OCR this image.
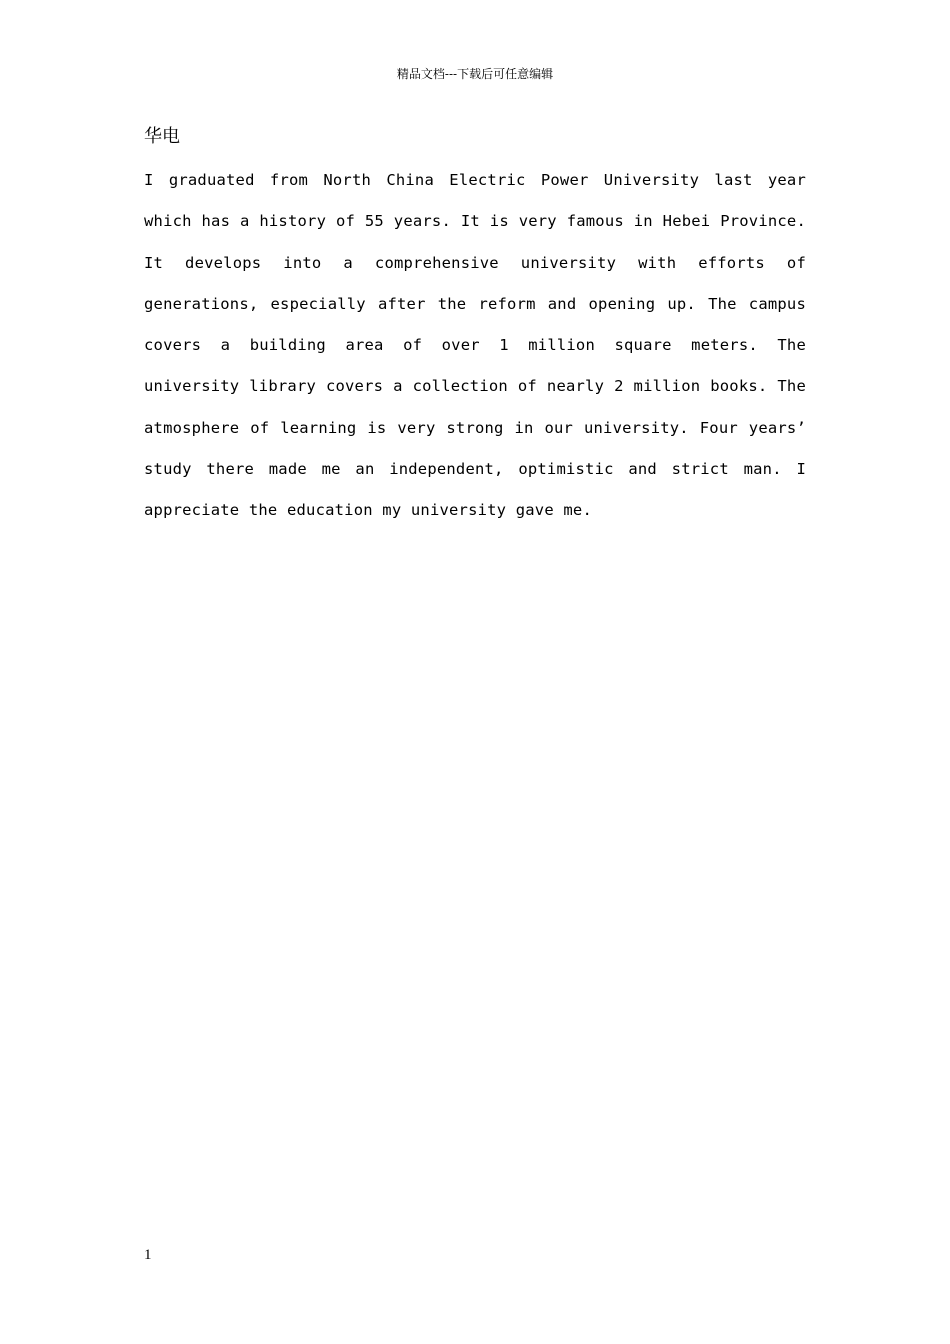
精品文档---下载后可任意编辑
华电

I graduated from North China Electric Power University last year which has a history of 55 years. It is very famous in Hebei Province. It develops into a comprehensive university with efforts of generations, especially after the reform and opening up. The campus covers a building area of over 1 million square meters. The university library covers a collection of nearly 2 million books. The atmosphere of learning is very strong in our university. Four years’ study there made me an independent, optimistic and strict man. I appreciate the education my university gave me.

1
